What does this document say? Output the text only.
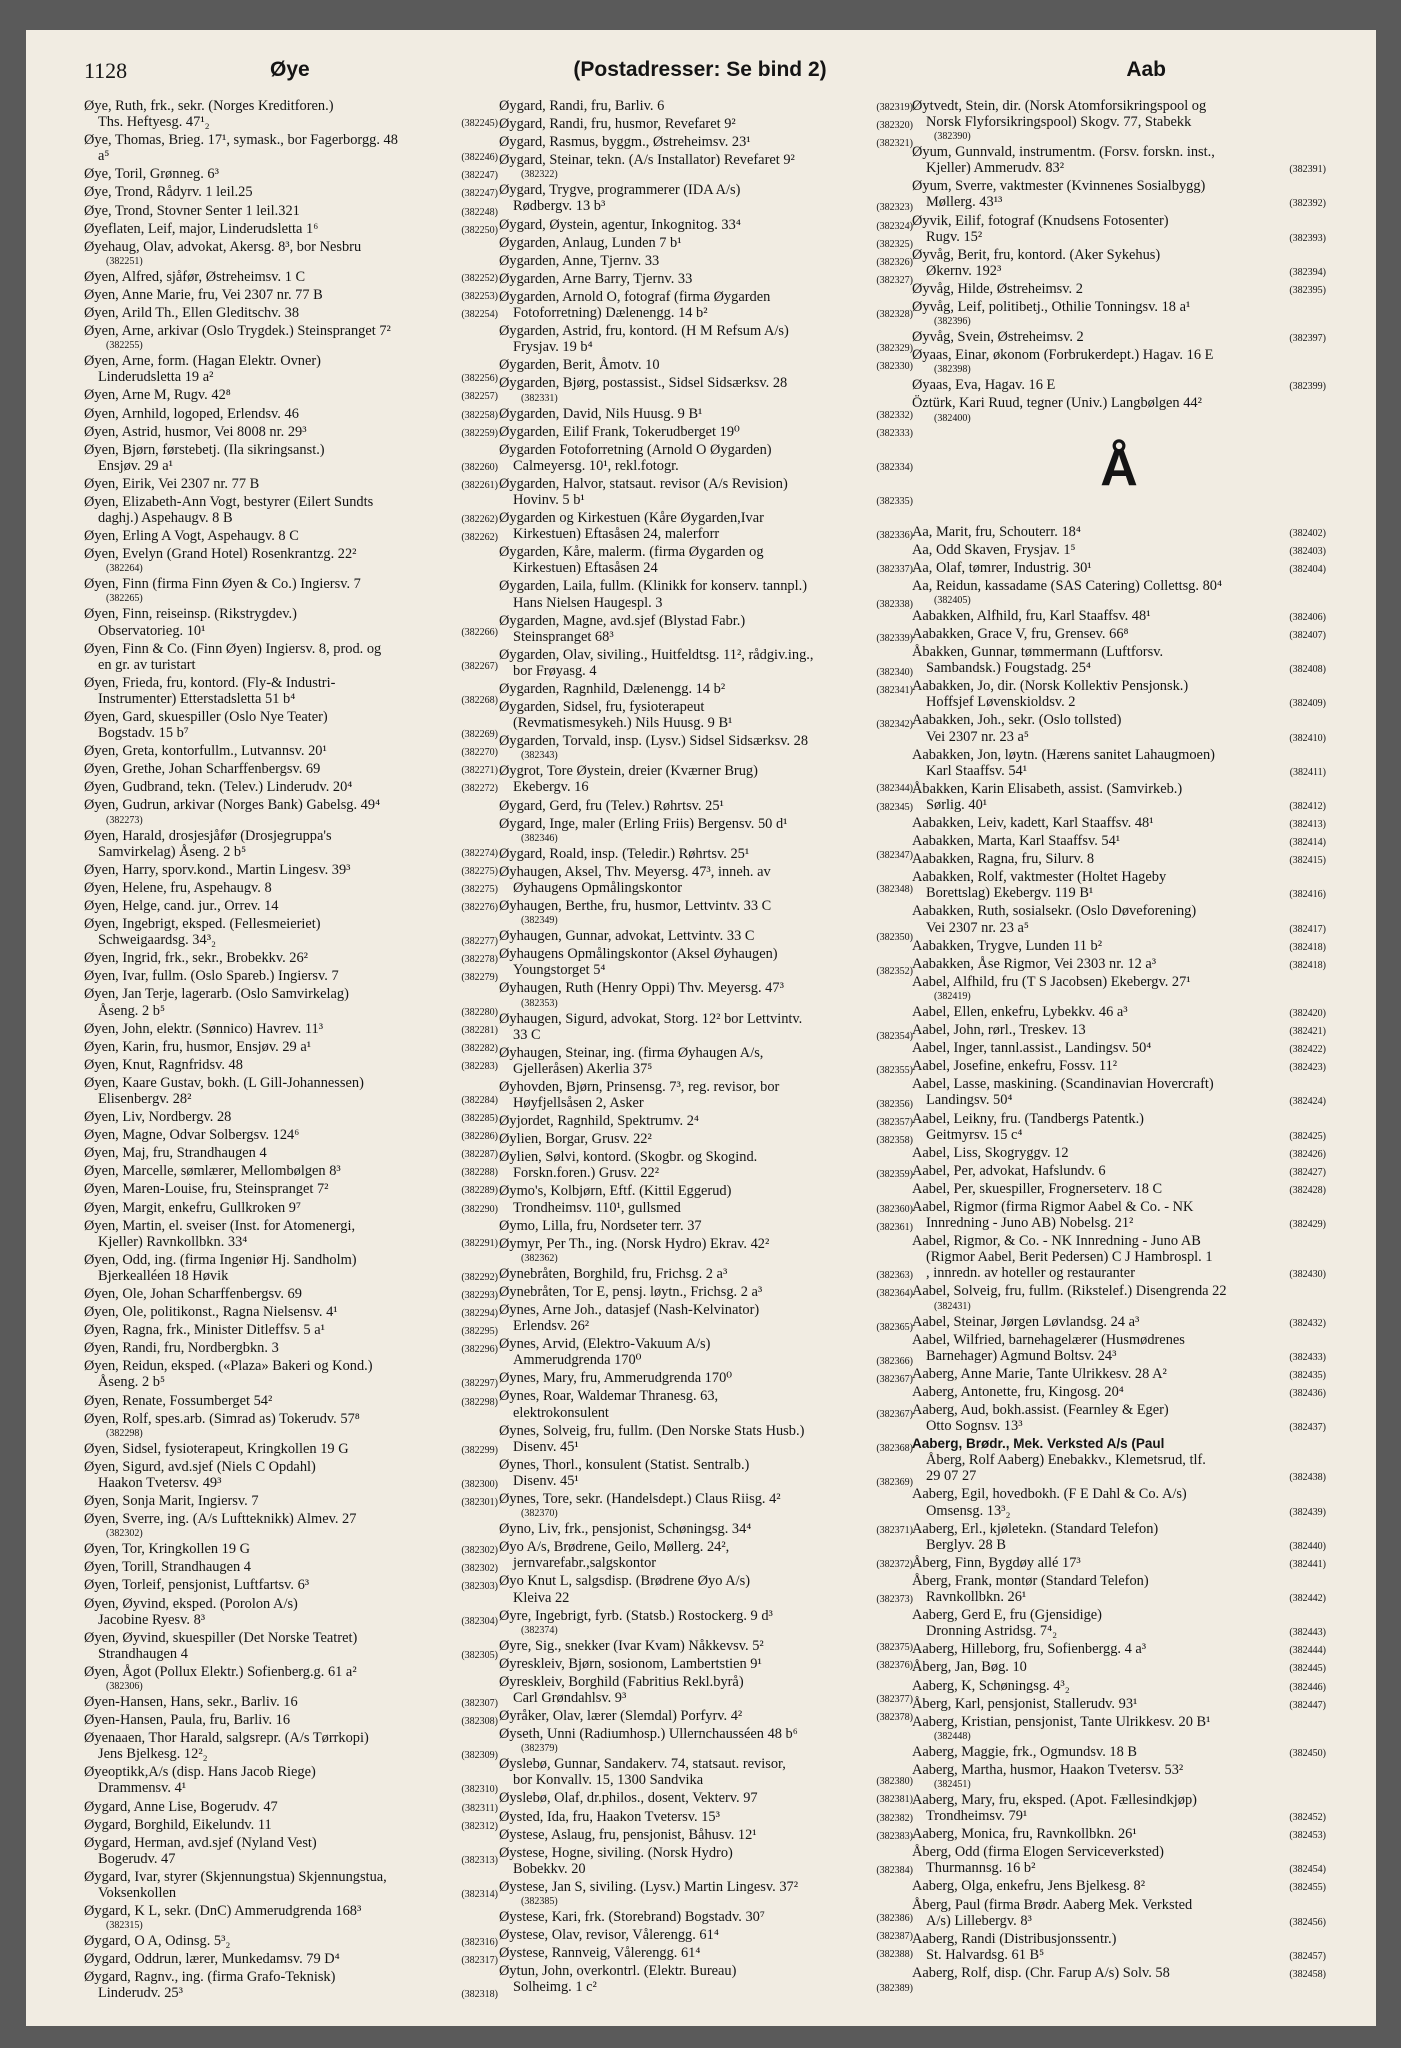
1128	Øye	(Postadresser: Se bind 2)	Aab
Øye, Ruth, frk., sekr. (Norges Kreditforen.)
Ths. Heftyesg. 47¹₂	(382245)
Øye, Thomas, Brieg. 17¹, symask., bor Fagerborgg. 48
a⁵	(382246)
Øye, Toril, Grønneg. 6³	(382247)
Øye, Trond, Rådyrv. 1 leil.25	(382247)
Øye, Trond, Stovner Senter 1 leil.321	(382248)
Øyeflaten, Leif, major, Linderudsletta 1⁶	(382250)
Øyehaug, Olav, advokat, Akersg. 8³, bor Nesbru
(382251)
Øyen, Alfred, sjåfør, Østreheimsv. 1 C	(382252)
Øyen, Anne Marie, fru, Vei 2307 nr. 77 B	(382253)
Øyen, Arild Th., Ellen Gleditschv. 38	(382254)
Øyen, Arne, arkivar (Oslo Trygdek.) Steinspranget 7²
(382255)
Øyen, Arne, form. (Hagan Elektr. Ovner)
Linderudsletta 19 a²	(382256)
Øyen, Arne M, Rugv. 42⁸	(382257)
Øyen, Arnhild, logoped, Erlendsv. 46	(382258)
Øyen, Astrid, husmor, Vei 8008 nr. 29³	(382259)
Øyen, Bjørn, førstebetj. (Ila sikringsanst.)
Ensjøv. 29 a¹	(382260)
Øyen, Eirik, Vei 2307 nr. 77 B	(382261)
Øyen, Elizabeth-Ann Vogt, bestyrer (Eilert Sundts
daghj.) Aspehaugv. 8 B	(382262)
Øyen, Erling A Vogt, Aspehaugv. 8 C	(382262)
Øyen, Evelyn (Grand Hotel) Rosenkrantzg. 22²
(382264)
Øyen, Finn (firma Finn Øyen & Co.) Ingiersv. 7
(382265)
Øyen, Finn, reiseinsp. (Rikstrygdev.)
Observatorieg. 10¹	(382266)
Øyen, Finn & Co. (Finn Øyen) Ingiersv. 8, prod. og
en gr. av turistart	(382267)
Øyen, Frieda, fru, kontord. (Fly-& Industri-
Instrumenter) Etterstadsletta 51 b⁴	(382268)
Øyen, Gard, skuespiller (Oslo Nye Teater)
Bogstadv. 15 b⁷	(382269)
Øyen, Greta, kontorfullm., Lutvannsv. 20¹	(382270)
Øyen, Grethe, Johan Scharffenbergsv. 69	(382271)
Øyen, Gudbrand, tekn. (Telev.) Linderudv. 20⁴	(382272)
Øyen, Gudrun, arkivar (Norges Bank) Gabelsg. 49⁴
(382273)
Øyen, Harald, drosjesjåfør (Drosjegruppa's
Samvirkelag) Åseng. 2 b⁵	(382274)
Øyen, Harry, sporv.kond., Martin Lingesv. 39³	(382275)
Øyen, Helene, fru, Aspehaugv. 8	(382275)
Øyen, Helge, cand. jur., Orrev. 14	(382276)
Øyen, Ingebrigt, eksped. (Fellesmeieriet)
Schweigaardsg. 34³₂	(382277)
Øyen, Ingrid, frk., sekr., Brobekkv. 26²	(382278)
Øyen, Ivar, fullm. (Oslo Spareb.) Ingiersv. 7	(382279)
Øyen, Jan Terje, lagerarb. (Oslo Samvirkelag)
Åseng. 2 b⁵	(382280)
Øyen, John, elektr. (Sønnico) Havrev. 11³	(382281)
Øyen, Karin, fru, husmor, Ensjøv. 29 a¹	(382282)
Øyen, Knut, Ragnfridsv. 48	(382283)
Øyen, Kaare Gustav, bokh. (L Gill-Johannessen)
Elisenbergv. 28²	(382284)
Øyen, Liv, Nordbergv. 28	(382285)
Øyen, Magne, Odvar Solbergsv. 124⁶	(382286)
Øyen, Maj, fru, Strandhaugen 4	(382287)
Øyen, Marcelle, sømlærer, Mellombølgen 8³	(382288)
Øyen, Maren-Louise, fru, Steinspranget 7²	(382289)
Øyen, Margit, enkefru, Gullkroken 9⁷	(382290)
Øyen, Martin, el. sveiser (Inst. for Atomenergi,
Kjeller) Ravnkollbkn. 33⁴	(382291)
Øyen, Odd, ing. (firma Ingeniør Hj. Sandholm)
Bjerkealléen 18 Høvik	(382292)
Øyen, Ole, Johan Scharffenbergsv. 69	(382293)
Øyen, Ole, politikonst., Ragna Nielsensv. 4¹	(382294)
Øyen, Ragna, frk., Minister Ditleffsv. 5 a¹	(382295)
Øyen, Randi, fru, Nordbergbkn. 3	(382296)
Øyen, Reidun, eksped. («Plaza» Bakeri og Kond.)
Åseng. 2 b⁵	(382297)
Øyen, Renate, Fossumberget 54²	(382298)
Øyen, Rolf, spes.arb. (Simrad as) Tokerudv. 57⁸
(382298)
Øyen, Sidsel, fysioterapeut, Kringkollen 19 G	(382299)
Øyen, Sigurd, avd.sjef (Niels C Opdahl)
Haakon Tvetersv. 49³	(382300)
Øyen, Sonja Marit, Ingiersv. 7	(382301)
Øyen, Sverre, ing. (A/s Luftteknikk) Almev. 27
(382302)
Øyen, Tor, Kringkollen 19 G	(382302)
Øyen, Torill, Strandhaugen 4	(382302)
Øyen, Torleif, pensjonist, Luftfartsv. 6³	(382303)
Øyen, Øyvind, eksped. (Porolon A/s)
Jacobine Ryesv. 8³	(382304)
Øyen, Øyvind, skuespiller (Det Norske Teatret)
Strandhaugen 4	(382305)
Øyen, Ågot (Pollux Elektr.) Sofienberg.g. 61 a²
(382306)
Øyen-Hansen, Hans, sekr., Barliv. 16	(382307)
Øyen-Hansen, Paula, fru, Barliv. 16	(382308)
Øyenaaen, Thor Harald, salgsrepr. (A/s Tørrkopi)
Jens Bjelkesg. 12²₂	(382309)
Øyeoptikk,A/s (disp. Hans Jacob Riege)
Drammensv. 4¹	(382310)
Øygard, Anne Lise, Bogerudv. 47	(382311)
Øygard, Borghild, Eikelundv. 11	(382312)
Øygard, Herman, avd.sjef (Nyland Vest)
Bogerudv. 47	(382313)
Øygard, Ivar, styrer (Skjennungstua) Skjennungstua,
Voksenkollen	(382314)
Øygard, K L, sekr. (DnC) Ammerudgrenda 168³
(382315)
Øygard, O A, Odinsg. 5³₂	(382316)
Øygard, Oddrun, lærer, Munkedamsv. 79 D⁴	(382317)
Øygard, Ragnv., ing. (firma Grafo-Teknisk)
Linderudv. 25³	(382318)
Øygard, Randi, fru, Barliv. 6	(382319)
Øygard, Randi, fru, husmor, Revefaret 9²	(382320)
Øygard, Rasmus, byggm., Østreheimsv. 23¹	(382321)
Øygard, Steinar, tekn. (A/s Installator) Revefaret 9²
(382322)
Øygard, Trygve, programmerer (IDA A/s)
Rødbergv. 13 b³	(382323)
Øygard, Øystein, agentur, Inkognitog. 33⁴	(382324)
Øygarden, Anlaug, Lunden 7 b¹	(382325)
Øygarden, Anne, Tjernv. 33	(382326)
Øygarden, Arne Barry, Tjernv. 33	(382327)
Øygarden, Arnold O, fotograf (firma Øygarden
Fotoforretning) Dælenengg. 14 b²	(382328)
Øygarden, Astrid, fru, kontord. (H M Refsum A/s)
Frysjav. 19 b⁴	(382329)
Øygarden, Berit, Åmotv. 10	(382330)
Øygarden, Bjørg, postassist., Sidsel Sidsærksv. 28
(382331)
Øygarden, David, Nils Huusg. 9 B¹	(382332)
Øygarden, Eilif Frank, Tokerudberget 19⁰	(382333)
Øygarden Fotoforretning (Arnold O Øygarden)
Calmeyersg. 10¹, rekl.fotogr.	(382334)
Øygarden, Halvor, statsaut. revisor (A/s Revision)
Hovinv. 5 b¹	(382335)
Øygarden og Kirkestuen (Kåre Øygarden,Ivar
Kirkestuen) Eftasåsen 24, malerforr	(382336)
Øygarden, Kåre, malerm. (firma Øygarden og
Kirkestuen) Eftasåsen 24	(382337)
Øygarden, Laila, fullm. (Klinikk for konserv. tannpl.)
Hans Nielsen Haugespl. 3	(382338)
Øygarden, Magne, avd.sjef (Blystad Fabr.)
Steinspranget 68³	(382339)
Øygarden, Olav, siviling., Huitfeldtsg. 11², rådgiv.ing.,
bor Frøyasg. 4	(382340)
Øygarden, Ragnhild, Dælenengg. 14 b²	(382341)
Øygarden, Sidsel, fru, fysioterapeut
(Revmatismesykeh.) Nils Huusg. 9 B¹	(382342)
Øygarden, Torvald, insp. (Lysv.) Sidsel Sidsærksv. 28
(382343)
Øygrot, Tore Øystein, dreier (Kværner Brug)
Ekebergv. 16	(382344)
Øygard, Gerd, fru (Telev.) Røhrtsv. 25¹	(382345)
Øygard, Inge, maler (Erling Friis) Bergensv. 50 d¹
(382346)
Øygard, Roald, insp. (Teledir.) Røhrtsv. 25¹	(382347)
Øyhaugen, Aksel, Thv. Meyersg. 47³, inneh. av
Øyhaugens Opmålingskontor	(382348)
Øyhaugen, Berthe, fru, husmor, Lettvintv. 33 C
(382349)
Øyhaugen, Gunnar, advokat, Lettvintv. 33 C	(382350)
Øyhaugens Opmålingskontor (Aksel Øyhaugen)
Youngstorget 5⁴	(382352)
Øyhaugen, Ruth (Henry Oppi) Thv. Meyersg. 47³
(382353)
Øyhaugen, Sigurd, advokat, Storg. 12² bor Lettvintv.
33 C	(382354)
Øyhaugen, Steinar, ing. (firma Øyhaugen A/s,
Gjelleråsen) Akerlia 37⁵	(382355)
Øyhovden, Bjørn, Prinsensg. 7³, reg. revisor, bor
Høyfjellsåsen 2, Asker	(382356)
Øyjordet, Ragnhild, Spektrumv. 2⁴	(382357)
Øylien, Borgar, Grusv. 22²	(382358)
Øylien, Sølvi, kontord. (Skogbr. og Skogind.
Forskn.foren.) Grusv. 22²	(382359)
Øymo's, Kolbjørn, Eftf. (Kittil Eggerud)
Trondheimsv. 110¹, gullsmed	(382360)
Øymo, Lilla, fru, Nordseter terr. 37	(382361)
Øymyr, Per Th., ing. (Norsk Hydro) Ekrav. 42²
(382362)
Øynebråten, Borghild, fru, Frichsg. 2 a³	(382363)
Øynebråten, Tor E, pensj. løytn., Frichsg. 2 a³	(382364)
Øynes, Arne Joh., datasjef (Nash-Kelvinator)
Erlendsv. 26²	(382365)
Øynes, Arvid, (Elektro-Vakuum A/s)
Ammerudgrenda 170⁰	(382366)
Øynes, Mary, fru, Ammerudgrenda 170⁰	(382367)
Øynes, Roar, Waldemar Thranesg. 63,
elektrokonsulent	(382367)
Øynes, Solveig, fru, fullm. (Den Norske Stats Husb.)
Disenv. 45¹	(382368)
Øynes, Thorl., konsulent (Statist. Sentralb.)
Disenv. 45¹	(382369)
Øynes, Tore, sekr. (Handelsdept.) Claus Riisg. 4²
(382370)
Øyno, Liv, frk., pensjonist, Schøningsg. 34⁴	(382371)
Øyo A/s, Brødrene, Geilo, Møllerg. 24²,
jernvarefabr.,salgskontor	(382372)
Øyo Knut L, salgsdisp. (Brødrene Øyo A/s)
Kleiva 22	(382373)
Øyre, Ingebrigt, fyrb. (Statsb.) Rostockerg. 9 d³
(382374)
Øyre, Sig., snekker (Ivar Kvam) Nåkkevsv. 5²	(382375)
Øyreskleiv, Bjørn, sosionom, Lambertstien 9¹	(382376)
Øyreskleiv, Borghild (Fabritius Rekl.byrå)
Carl Grøndahlsv. 9³	(382377)
Øyråker, Olav, lærer (Slemdal) Porfyrv. 4²	(382378)
Øyseth, Unni (Radiumhosp.) Ullernchausséen 48 b⁶
(382379)
Øyslebø, Gunnar, Sandakerv. 74, statsaut. revisor,
bor Konvallv. 15, 1300 Sandvika	(382380)
Øyslebø, Olaf, dr.philos., dosent, Vekterv. 97	(382381)
Øysted, Ida, fru, Haakon Tvetersv. 15³	(382382)
Øystese, Aslaug, fru, pensjonist, Båhusv. 12¹	(382383)
Øystese, Hogne, siviling. (Norsk Hydro)
Bobekkv. 20	(382384)
Øystese, Jan S, siviling. (Lysv.) Martin Lingesv. 37²
(382385)
Øystese, Kari, frk. (Storebrand) Bogstadv. 30⁷	(382386)
Øystese, Olav, revisor, Vålerengg. 61⁴	(382387)
Øystese, Rannveig, Vålerengg. 61⁴	(382388)
Øytun, John, overkontrl. (Elektr. Bureau)
Solheimg. 1 c²	(382389)
Øytvedt, Stein, dir. (Norsk Atomforsikringspool og
Norsk Flyforsikringspool) Skogv. 77, Stabekk
(382390)
Øyum, Gunnvald, instrumentm. (Forsv. forskn. inst.,
Kjeller) Ammerudv. 83²	(382391)
Øyum, Sverre, vaktmester (Kvinnenes Sosialbygg)
Møllerg. 43¹³	(382392)
Øyvik, Eilif, fotograf (Knudsens Fotosenter)
Rugv. 15²	(382393)
Øyvåg, Berit, fru, kontord. (Aker Sykehus)
Økernv. 192³	(382394)
Øyvåg, Hilde, Østreheimsv. 2	(382395)
Øyvåg, Leif, politibetj., Othilie Tonningsv. 18 a¹
(382396)
Øyvåg, Svein, Østreheimsv. 2	(382397)
Øyaas, Einar, økonom (Forbrukerdept.) Hagav. 16 E
(382398)
Øyaas, Eva, Hagav. 16 E	(382399)
Öztürk, Kari Ruud, tegner (Univ.) Langbølgen 44²
(382400)
Å
Aa, Marit, fru, Schouterr. 18⁴	(382402)
Aa, Odd Skaven, Frysjav. 1⁵	(382403)
Aa, Olaf, tømrer, Industrig. 30¹	(382404)
Aa, Reidun, kassadame (SAS Catering) Collettsg. 80⁴
(382405)
Aabakken, Alfhild, fru, Karl Staaffsv. 48¹	(382406)
Aabakken, Grace V, fru, Grensev. 66⁸	(382407)
Åbakken, Gunnar, tømmermann (Luftforsv.
Sambandsk.) Fougstadg. 25⁴	(382408)
Aabakken, Jo, dir. (Norsk Kollektiv Pensjonsk.)
Hoffsjef Løvenskioldsv. 2	(382409)
Aabakken, Joh., sekr. (Oslo tollsted)
Vei 2307 nr. 23 a⁵	(382410)
Aabakken, Jon, løytn. (Hærens sanitet Lahaugmoen)
Karl Staaffsv. 54¹	(382411)
Åbakken, Karin Elisabeth, assist. (Samvirkeb.)
Sørlig. 40¹	(382412)
Aabakken, Leiv, kadett, Karl Staaffsv. 48¹	(382413)
Aabakken, Marta, Karl Staaffsv. 54¹	(382414)
Aabakken, Ragna, fru, Silurv. 8	(382415)
Aabakken, Rolf, vaktmester (Holtet Hageby
Borettslag) Ekebergv. 119 B¹	(382416)
Aabakken, Ruth, sosialsekr. (Oslo Døveforening)
Vei 2307 nr. 23 a⁵	(382417)
Aabakken, Trygve, Lunden 11 b²	(382418)
Aabakken, Åse Rigmor, Vei 2303 nr. 12 a³	(382418)
Aabel, Alfhild, fru (T S Jacobsen) Ekebergv. 27¹
(382419)
Aabel, Ellen, enkefru, Lybekkv. 46 a³	(382420)
Aabel, John, rørl., Treskev. 13	(382421)
Aabel, Inger, tannl.assist., Landingsv. 50⁴	(382422)
Aabel, Josefine, enkefru, Fossv. 11²	(382423)
Aabel, Lasse, maskining. (Scandinavian Hovercraft)
Landingsv. 50⁴	(382424)
Aabel, Leikny, fru. (Tandbergs Patentk.)
Geitmyrsv. 15 c⁴	(382425)
Aabel, Liss, Skogryggv. 12	(382426)
Aabel, Per, advokat, Hafslundv. 6	(382427)
Aabel, Per, skuespiller, Frognerseterv. 18 C	(382428)
Aabel, Rigmor (firma Rigmor Aabel & Co. - NK
Innredning - Juno AB) Nobelsg. 21²	(382429)
Aabel, Rigmor, & Co. - NK Innredning - Juno AB
(Rigmor Aabel, Berit Pedersen) C J Hambrospl. 1
, innredn. av hoteller og restauranter	(382430)
Aabel, Solveig, fru, fullm. (Rikstelef.) Disengrenda 22
(382431)
Aabel, Steinar, Jørgen Løvlandsg. 24 a³	(382432)
Aabel, Wilfried, barnehagelærer (Husmødrenes
Barnehager) Agmund Boltsv. 24³	(382433)
Aaberg, Anne Marie, Tante Ulrikkesv. 28 A²	(382435)
Aaberg, Antonette, fru, Kingosg. 20⁴	(382436)
Aaberg, Aud, bokh.assist. (Fearnley & Eger)
Otto Sognsv. 13³	(382437)
Aaberg, Brødr., Mek. Verksted A/s (Paul
Åberg, Rolf Aaberg) Enebakkv., Klemetsrud, tlf.
29 07 27	(382438)
Aaberg, Egil, hovedbokh. (F E Dahl & Co. A/s)
Omsensg. 13³₂	(382439)
Aaberg, Erl., kjøletekn. (Standard Telefon)
Berglyv. 28 B	(382440)
Åberg, Finn, Bygdøy allé 17³	(382441)
Åberg, Frank, montør (Standard Telefon)
Ravnkollbkn. 26¹	(382442)
Aaberg, Gerd E, fru (Gjensidige)
Dronning Astridsg. 7⁴₂	(382443)
Aaberg, Hilleborg, fru, Sofienbergg. 4 a³	(382444)
Åberg, Jan, Bøg. 10	(382445)
Aaberg, K, Schøningsg. 4³₂	(382446)
Åberg, Karl, pensjonist, Stallerudv. 93¹	(382447)
Aaberg, Kristian, pensjonist, Tante Ulrikkesv. 20 B¹
(382448)
Aaberg, Maggie, frk., Ogmundsv. 18 B	(382450)
Aaberg, Martha, husmor, Haakon Tvetersv. 53²
(382451)
Aaberg, Mary, fru, eksped. (Apot. Fællesindkjøp)
Trondheimsv. 79¹	(382452)
Aaberg, Monica, fru, Ravnkollbkn. 26¹	(382453)
Åberg, Odd (firma Elogen Serviceverksted)
Thurmannsg. 16 b²	(382454)
Aaberg, Olga, enkefru, Jens Bjelkesg. 8²	(382455)
Åberg, Paul (firma Brødr. Aaberg Mek. Verksted
A/s) Lillebergv. 8³	(382456)
Aaberg, Randi (Distribusjonssentr.)
St. Halvardsg. 61 B⁵	(382457)
Aaberg, Rolf, disp. (Chr. Farup A/s) Solv. 58	(382458)
